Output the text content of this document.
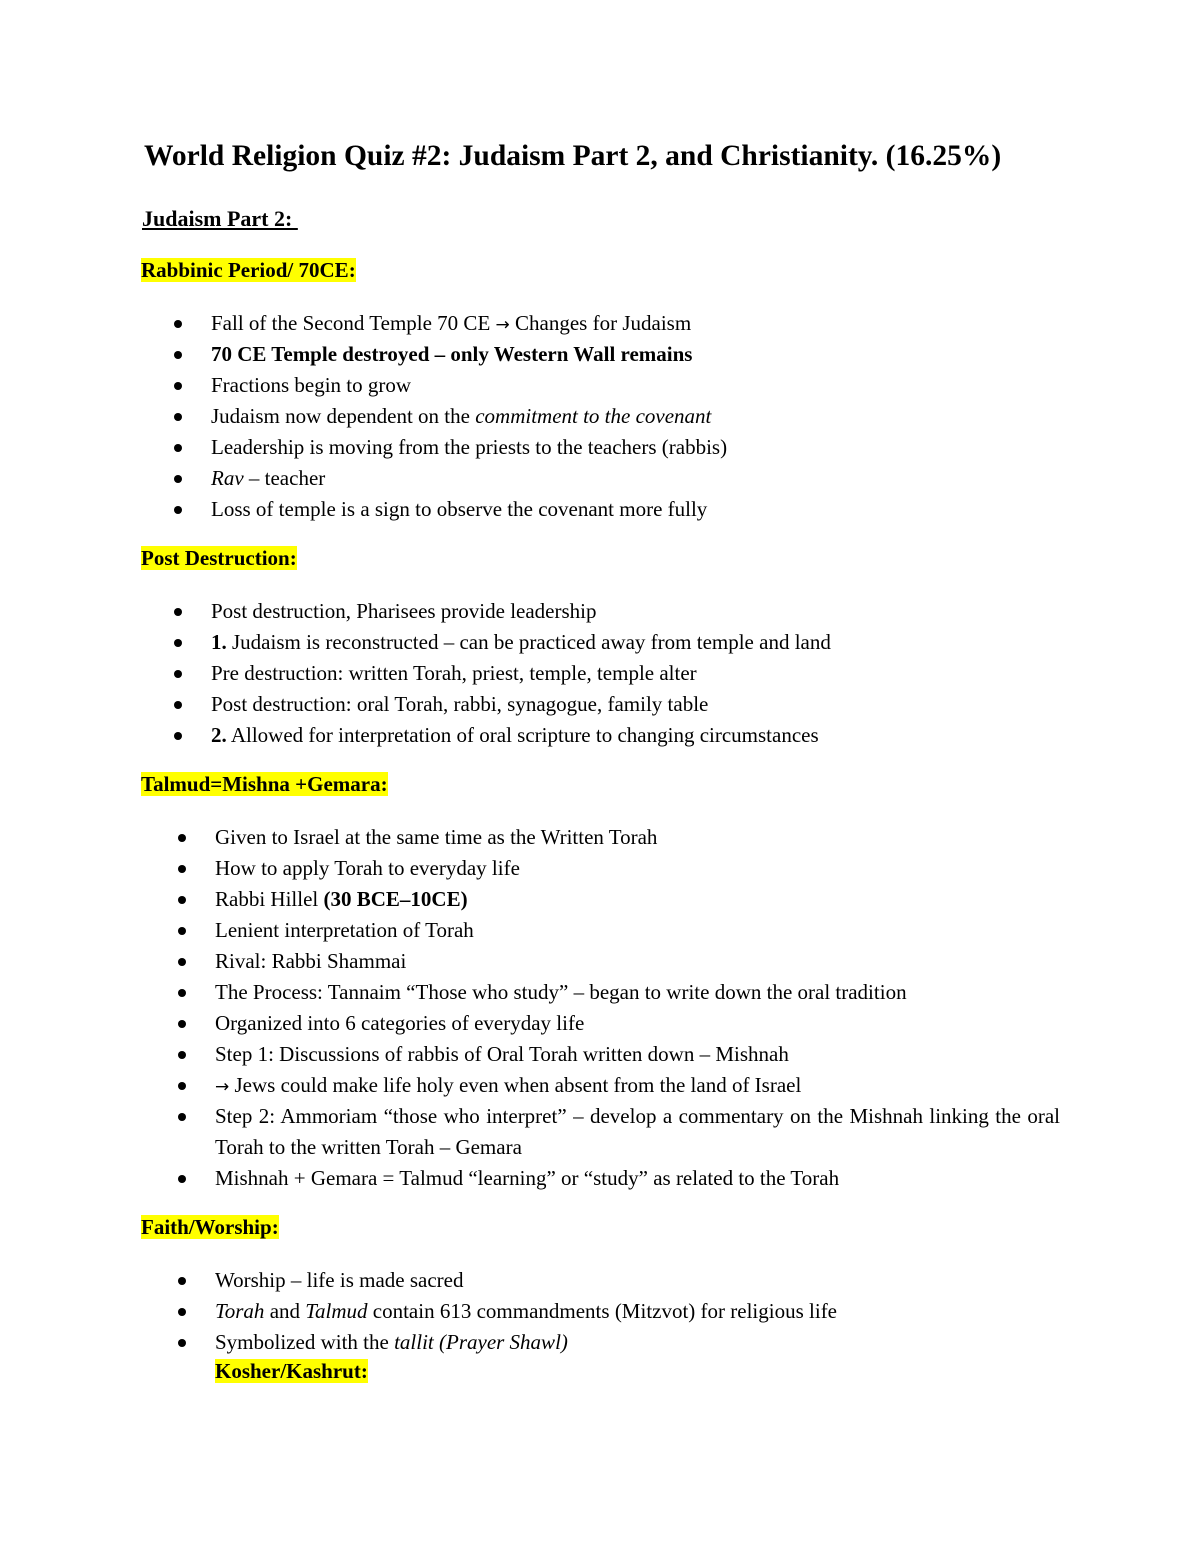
World Religion Quiz #2: Judaism Part 2, and Christianity. (16.25%)
Judaism Part 2:

Rabbinic Period/ 70CE:

Fall of the Second Temple 70 CE → Changes for Judaism
70 CE Temple destroyed – only Western Wall remains
Fractions begin to grow
Judaism now dependent on the commitment to the covenant
Leadership is moving from the priests to the teachers (rabbis)
Rav – teacher
Loss of temple is a sign to observe the covenant more fully

Post Destruction:

Post destruction, Pharisees provide leadership
1. Judaism is reconstructed – can be practiced away from temple and land
Pre destruction: written Torah, priest, temple, temple alter
Post destruction: oral Torah, rabbi, synagogue, family table
2. Allowed for interpretation of oral scripture to changing circumstances

Talmud=Mishna +Gemara:

Given to Israel at the same time as the Written Torah
How to apply Torah to everyday life
Rabbi Hillel (30 BCE–10CE)
Lenient interpretation of Torah
Rival: Rabbi Shammai
The Process: Tannaim “Those who study” – began to write down the oral tradition
Organized into 6 categories of everyday life
Step 1: Discussions of rabbis of Oral Torah written down – Mishnah
→ Jews could make life holy even when absent from the land of Israel
Step 2: Ammoriam “those who interpret” – develop a commentary on the Mishnah linking the oral Torah to the written Torah – Gemara
Mishnah + Gemara = Talmud “learning” or “study” as related to the Torah

Faith/Worship:

Worship – life is made sacred
Torah and Talmud contain 613 commandments (Mitzvot) for religious life
Symbolized with the tallit (Prayer Shawl)

Kosher/Kashrut:
